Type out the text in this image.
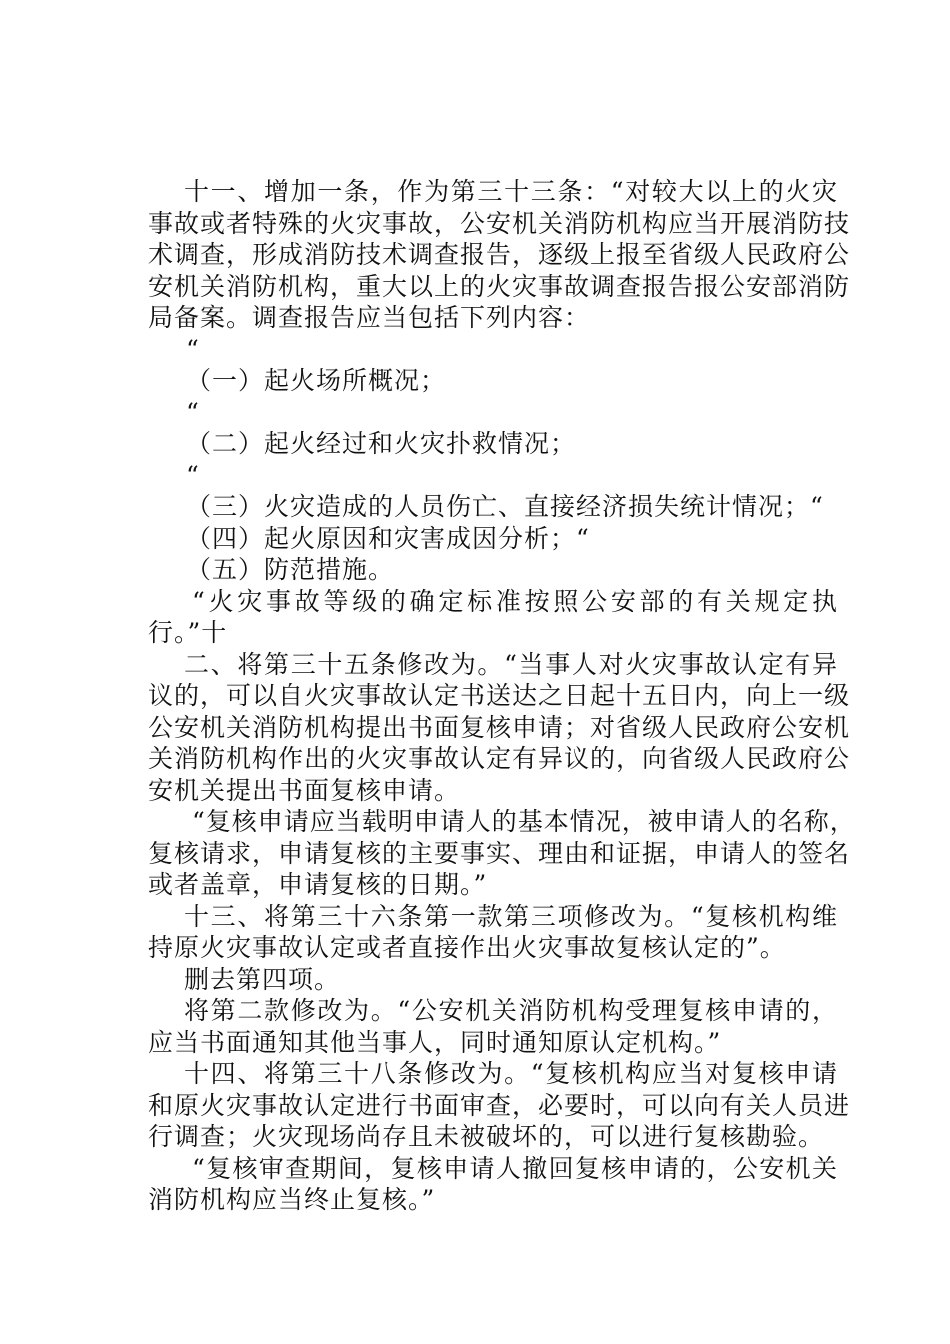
十一、增加一条，作为第三十三条：“对较大以上的火灾
事故或者特殊的火灾事故，公安机关消防机构应当开展消防技
术调查，形成消防技术调查报告，逐级上报至省级人民政府公
安机关消防机构，重大以上的火灾事故调查报告报公安部消防
局备案。调查报告应当包括下列内容：
“
（一）起火场所概况；
“
（二）起火经过和火灾扑救情况；
“
（三）火灾造成的人员伤亡、直接经济损失统计情况；“
（四）起火原因和灾害成因分析；“
（五）防范措施。
“火灾事故等级的确定标准按照公安部的有关规定执
行。”十
二、将第三十五条修改为。“当事人对火灾事故认定有异
议的，可以自火灾事故认定书送达之日起十五日内，向上一级
公安机关消防机构提出书面复核申请；对省级人民政府公安机
关消防机构作出的火灾事故认定有异议的，向省级人民政府公
安机关提出书面复核申请。
“复核申请应当载明申请人的基本情况，被申请人的名称，
复核请求，申请复核的主要事实、理由和证据，申请人的签名
或者盖章，申请复核的日期。”
十三、将第三十六条第一款第三项修改为。“复核机构维
持原火灾事故认定或者直接作出火灾事故复核认定的”。
删去第四项。
将第二款修改为。“公安机关消防机构受理复核申请的，
应当书面通知其他当事人，同时通知原认定机构。”
十四、将第三十八条修改为。“复核机构应当对复核申请
和原火灾事故认定进行书面审查，必要时，可以向有关人员进
行调查；火灾现场尚存且未被破坏的，可以进行复核勘验。
“复核审查期间，复核申请人撤回复核申请的，公安机关
消防机构应当终止复核。”
